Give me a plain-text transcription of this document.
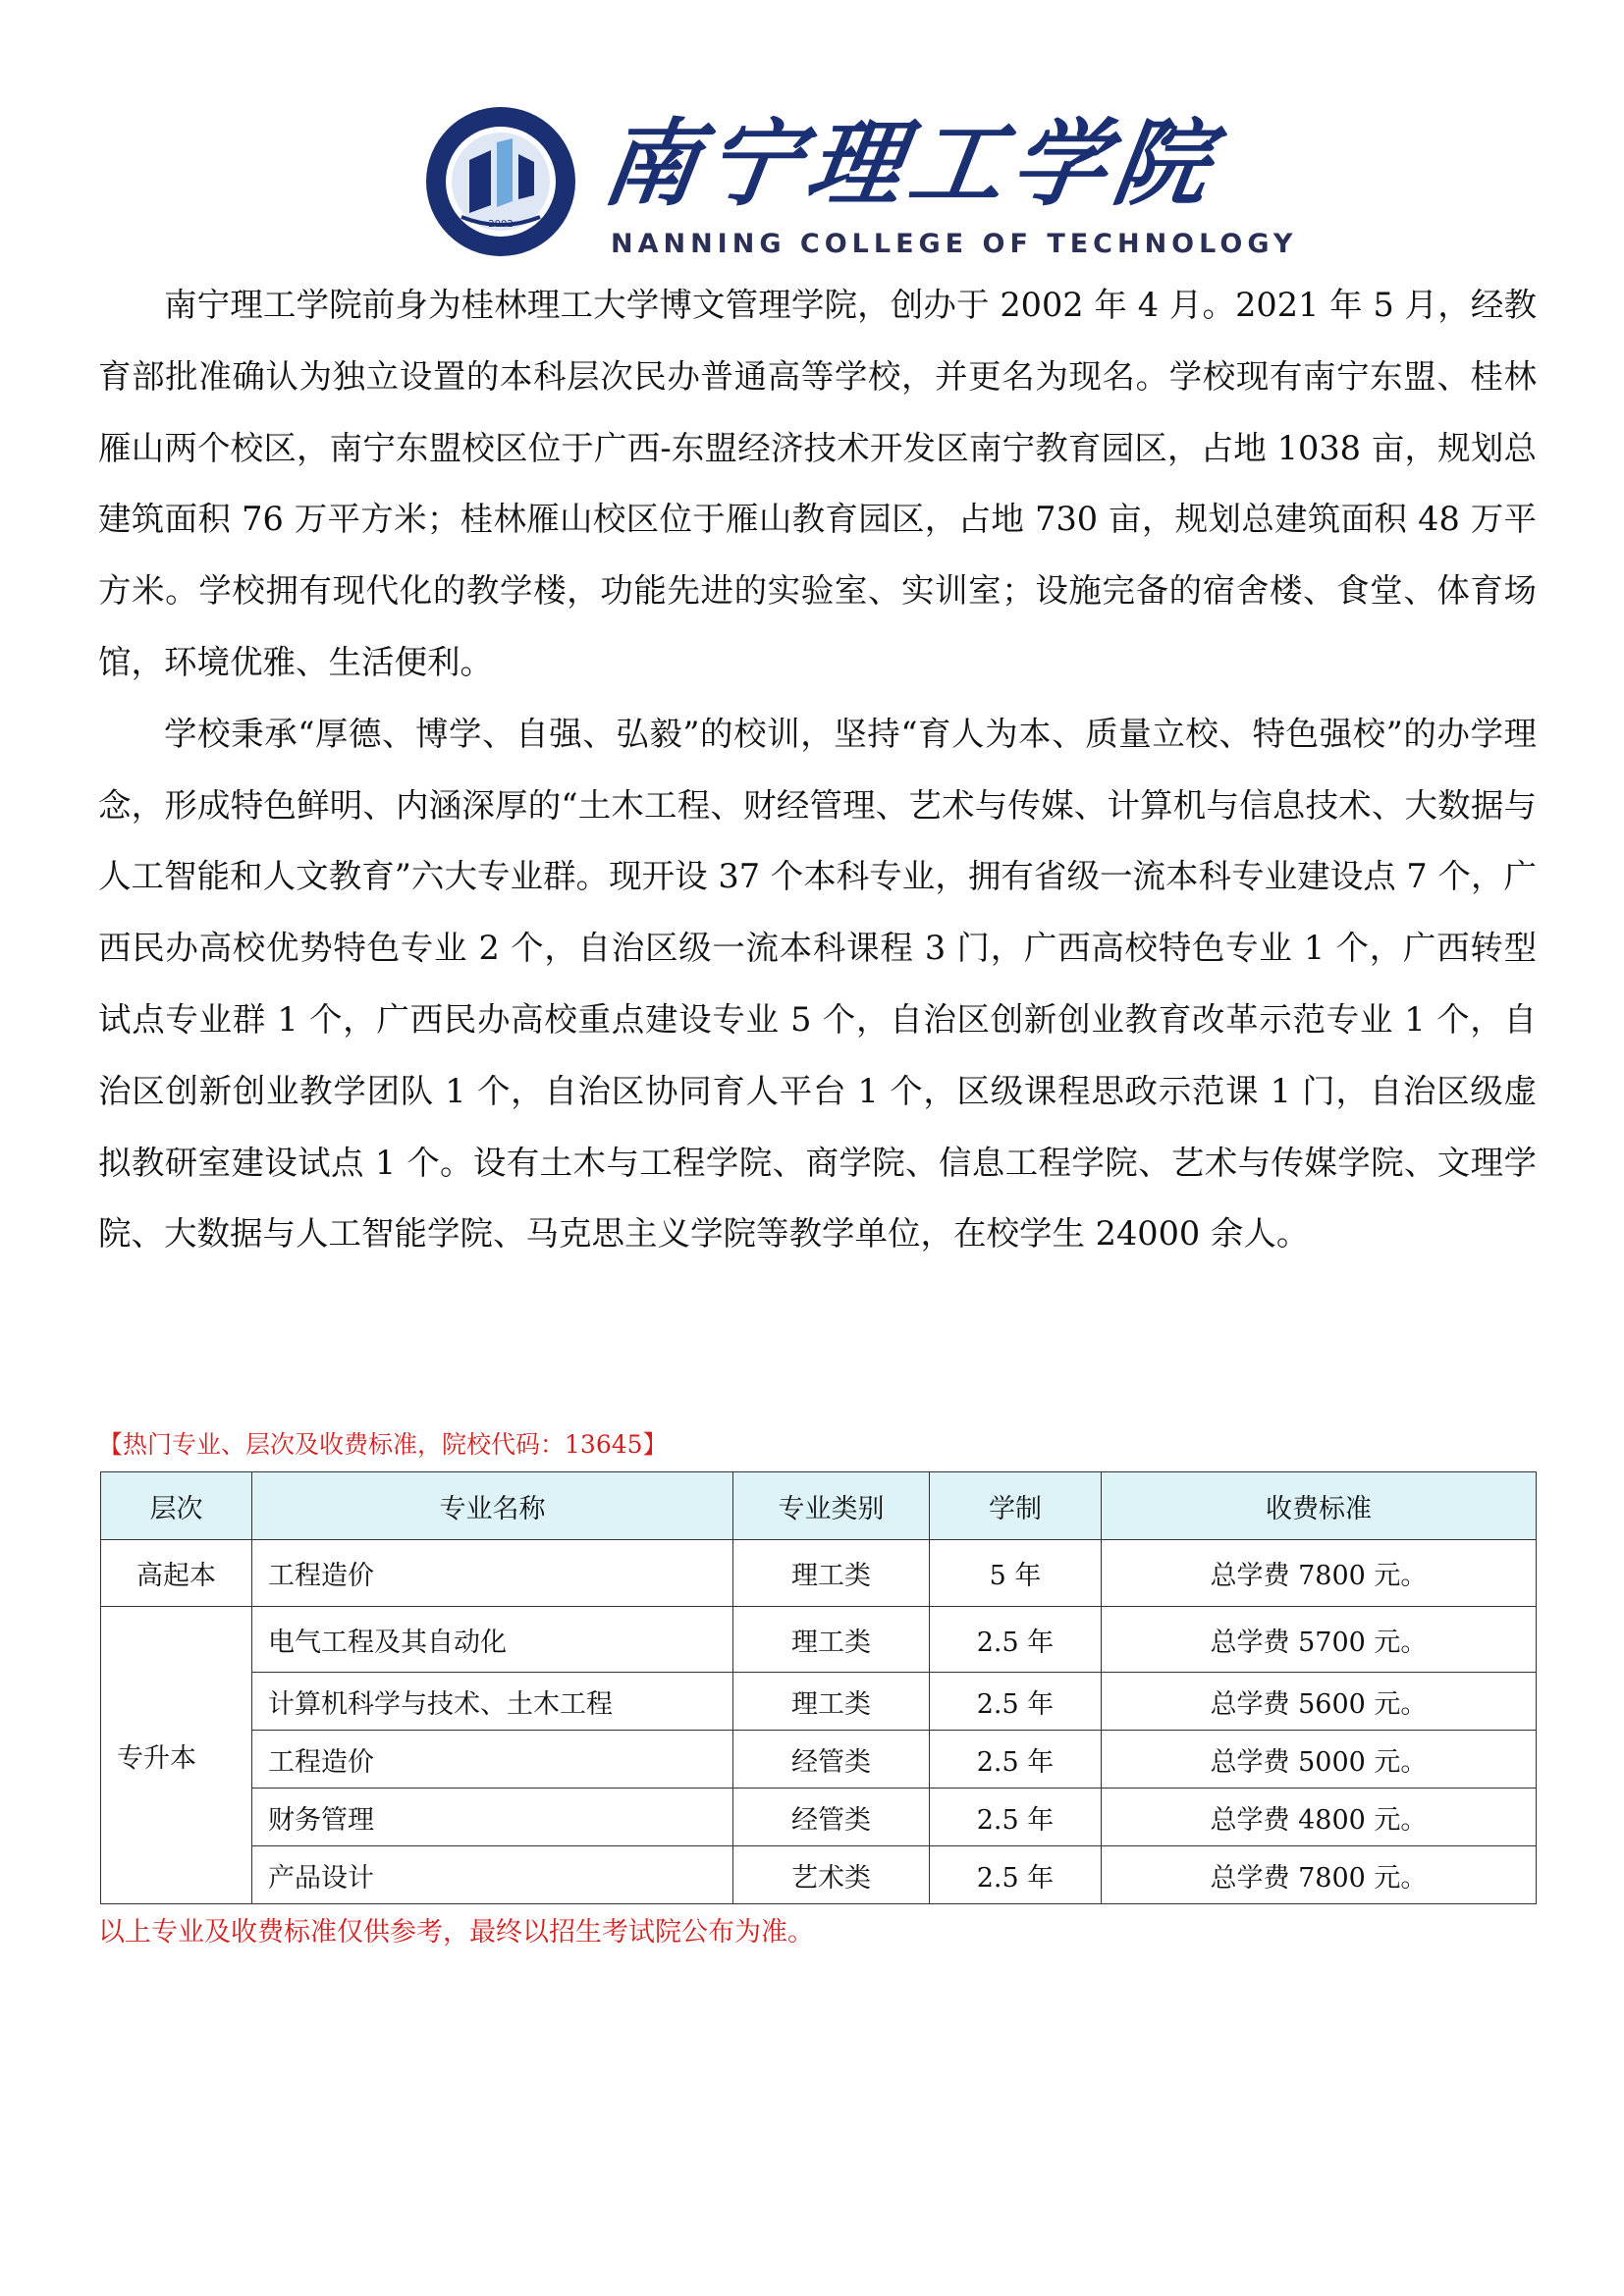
2002
南宁理工学院
NANNING COLLEGE OF TECHNOLOGY

南宁理工学院前身为桂林理工大学博文管理学院，创办于 2002 年 4 月。2021 年 5 月，经教育部批准确认为独立设置的本科层次民办普通高等学校，并更名为现名。学校现有南宁东盟、桂林雁山两个校区，南宁东盟校区位于广西-东盟经济技术开发区南宁教育园区，占地 1038 亩，规划总建筑面积 76 万平方米；桂林雁山校区位于雁山教育园区，占地 730 亩，规划总建筑面积 48 万平方米。学校拥有现代化的教学楼，功能先进的实验室、实训室；设施完备的宿舍楼、食堂、体育场馆，环境优雅、生活便利。

学校秉承“厚德、博学、自强、弘毅”的校训，坚持“育人为本、质量立校、特色强校”的办学理念，形成特色鲜明、内涵深厚的“土木工程、财经管理、艺术与传媒、计算机与信息技术、大数据与人工智能和人文教育”六大专业群。现开设 37 个本科专业，拥有省级一流本科专业建设点 7 个，广西民办高校优势特色专业 2 个，自治区级一流本科课程 3 门，广西高校特色专业 1 个，广西转型试点专业群 1 个，广西民办高校重点建设专业 5 个，自治区创新创业教育改革示范专业 1 个，自治区创新创业教学团队 1 个，自治区协同育人平台 1 个，区级课程思政示范课 1 门，自治区级虚拟教研室建设试点 1 个。设有土木与工程学院、商学院、信息工程学院、艺术与传媒学院、文理学院、大数据与人工智能学院、马克思主义学院等教学单位，在校学生 24000 余人。

【热门专业、层次及收费标准，院校代码：13645】
层次	专业名称	专业类别	学制	收费标准
高起本	工程造价	理工类	5 年	总学费 7800 元。
专升本	电气工程及其自动化	理工类	2.5 年	总学费 5700 元。
	计算机科学与技术、土木工程	理工类	2.5 年	总学费 5600 元。
	工程造价	经管类	2.5 年	总学费 5000 元。
	财务管理	经管类	2.5 年	总学费 4800 元。
	产品设计	艺术类	2.5 年	总学费 7800 元。
以上专业及收费标准仅供参考，最终以招生考试院公布为准。
